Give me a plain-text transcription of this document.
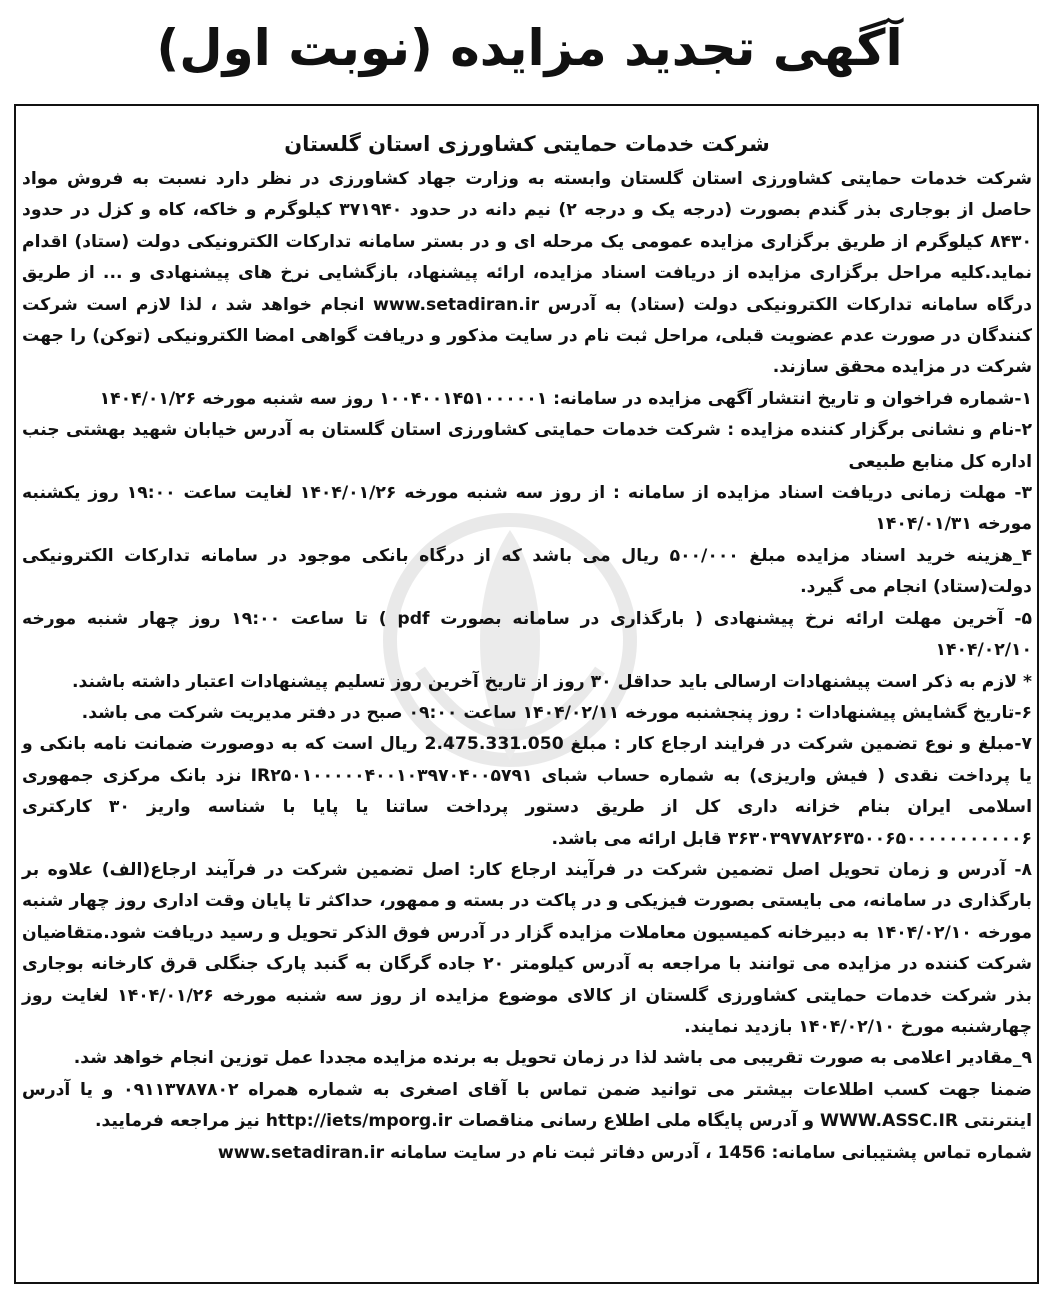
آگهی تجدید مزایده (نوبت اول)
شرکت خدمات حمایتی کشاورزی استان گلستان

شرکت خدمات حمایتی کشاورزی استان گلستان وابسته به وزارت جهاد کشاورزی در نظر دارد نسبت به فروش مواد حاصل از بوجاری بذر گندم بصورت (درجه یک و درجه ۲) نیم دانه در حدود ۳۷۱۹۴۰ کیلوگرم و خاکه، کاه و کزل در حدود ۸۴۳۰ کیلوگرم از طریق برگزاری مزایده عمومی یک مرحله ای و در بستر سامانه تدارکات الکترونیکی دولت (ستاد) اقدام نماید.کلیه مراحل برگزاری مزایده از دریافت اسناد مزایده، ارائه پیشنهاد، بازگشایی نرخ های پیشنهادی و ... از طریق درگاه سامانه تدارکات الکترونیکی دولت (ستاد) به آدرس www.setadiran.ir انجام خواهد شد ، لذا لازم است شرکت کنندگان در صورت عدم عضویت قبلی، مراحل ثبت نام در سایت مذکور و دریافت گواهی امضا الکترونیکی (توکن) را جهت شرکت در مزایده محقق سازند.

۱-شماره فراخوان و تاریخ انتشار آگهی مزایده در سامانه: ۱۰۰۴۰۰۱۴۵۱۰۰۰۰۰۱ روز سه شنبه مورخه ۱۴۰۴/۰۱/۲۶

۲-نام و نشانی برگزار کننده مزایده : شرکت خدمات حمایتی کشاورزی استان گلستان به آدرس خیابان شهید بهشتی جنب اداره کل منابع طبیعی

۳- مهلت زمانی دریافت اسناد مزایده از سامانه : از روز سه شنبه مورخه ۱۴۰۴/۰۱/۲۶ لغایت ساعت ۱۹:۰۰ روز یکشنبه مورخه ۱۴۰۴/۰۱/۳۱

۴_هزینه خرید اسناد مزایده مبلغ ۵۰۰/۰۰۰ ریال می باشد که از درگاه بانکی موجود در سامانه تدارکات الکترونیکی دولت(ستاد) انجام می گیرد.

۵- آخرین مهلت ارائه نرخ پیشنهادی ( بارگذاری در سامانه بصورت pdf ) تا ساعت ۱۹:۰۰ روز چهار شنبه مورخه ۱۴۰۴/۰۲/۱۰

* لازم به ذکر است پیشنهادات ارسالی باید حداقل ۳۰ روز از تاریخ آخرین روز تسلیم پیشنهادات اعتبار داشته باشند.

۶-تاریخ گشایش پیشنهادات : روز پنجشنبه مورخه ۱۴۰۴/۰۲/۱۱ ساعت ۰۹:۰۰ صبح در دفتر مدیریت شرکت می باشد.

۷-مبلغ و نوع تضمین شرکت در فرایند ارجاع کار : مبلغ 2.475.331.050 ریال است که به دوصورت ضمانت نامه بانکی و یا پرداخت نقدی ( فیش واریزی) به شماره حساب شبای IR۲۵۰۱۰۰۰۰۰۴۰۰۱۰۳۹۷۰۴۰۰۵۷۹۱ نزد بانک مرکزی جمهوری اسلامی ایران بنام خزانه داری کل از طریق دستور پرداخت ساتنا یا پایا با شناسه واریز ۳۰ کارکتری ۳۶۳۰۳۹۷۷۸۲۶۳۵۰۰۶۵۰۰۰۰۰۰۰۰۰۰۰۶ قابل ارائه می باشد.

۸- آدرس و زمان تحویل اصل تضمین شرکت در فرآیند ارجاع کار: اصل تضمین شرکت در فرآیند ارجاع(الف) علاوه بر بارگذاری در سامانه، می بایستی بصورت فیزیکی و در پاکت در بسته و ممهور، حداکثر تا پایان وقت اداری روز چهار شنبه مورخه ۱۴۰۴/۰۲/۱۰ به دبیرخانه کمیسیون معاملات مزایده گزار در آدرس فوق الذکر تحویل و رسید دریافت شود.متقاضیان شرکت کننده در مزایده می توانند با مراجعه به آدرس کیلومتر ۲۰ جاده گرگان به گنبد پارک جنگلی قرق کارخانه بوجاری بذر شرکت خدمات حمایتی کشاورزی گلستان از کالای موضوع مزایده از روز سه شنبه مورخه ۱۴۰۴/۰۱/۲۶ لغایت روز چهارشنبه مورخ ۱۴۰۴/۰۲/۱۰ بازدید نمایند.

۹_مقادیر اعلامی به صورت تقریبی می باشد لذا در زمان تحویل به برنده مزایده مجددا عمل توزین انجام خواهد شد.

ضمنا جهت کسب اطلاعات بیشتر می توانید ضمن تماس با آقای اصغری به شماره همراه ۰۹۱۱۳۷۸۷۸۰۲ و یا آدرس اینترنتی WWW.ASSC.IR و آدرس پایگاه ملی اطلاع رسانی مناقصات http://iets/mporg.ir نیز مراجعه فرمایید.

شماره تماس پشتیبانی سامانه: 1456 ، آدرس دفاتر ثبت نام در سایت سامانه www.setadiran.ir
